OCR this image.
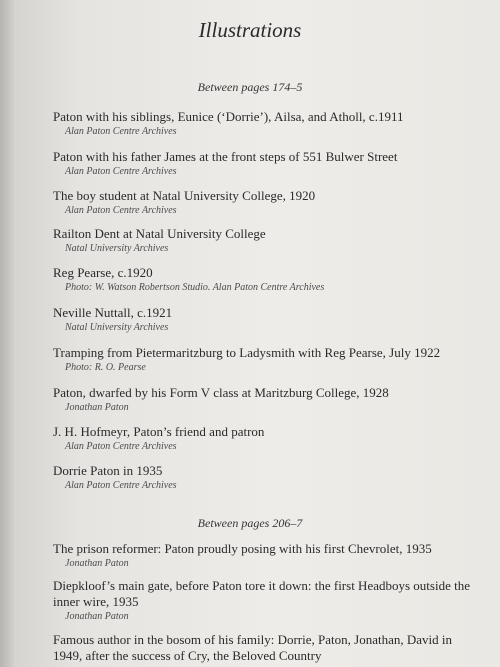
Illustrations
Between pages 174–5
Paton with his siblings, Eunice (‘Dorrie’), Ailsa, and Atholl, c.1911
Alan Paton Centre Archives
Paton with his father James at the front steps of 551 Bulwer Street
Alan Paton Centre Archives
The boy student at Natal University College, 1920
Alan Paton Centre Archives
Railton Dent at Natal University College
Natal University Archives
Reg Pearse, c.1920
Photo: W. Watson Robertson Studio. Alan Paton Centre Archives
Neville Nuttall, c.1921
Natal University Archives
Tramping from Pietermaritzburg to Ladysmith with Reg Pearse, July 1922
Photo: R. O. Pearse
Paton, dwarfed by his Form V class at Maritzburg College, 1928
Jonathan Paton
J. H. Hofmeyr, Paton’s friend and patron
Alan Paton Centre Archives
Dorrie Paton in 1935
Alan Paton Centre Archives
Between pages 206–7
The prison reformer: Paton proudly posing with his first Chevrolet, 1935
Jonathan Paton
Diepkloof’s main gate, before Paton tore it down: the first Headboys outside the inner wire, 1935
Jonathan Paton
Famous author in the bosom of his family: Dorrie, Paton, Jonathan, David in 1949, after the success of Cry, the Beloved Country
